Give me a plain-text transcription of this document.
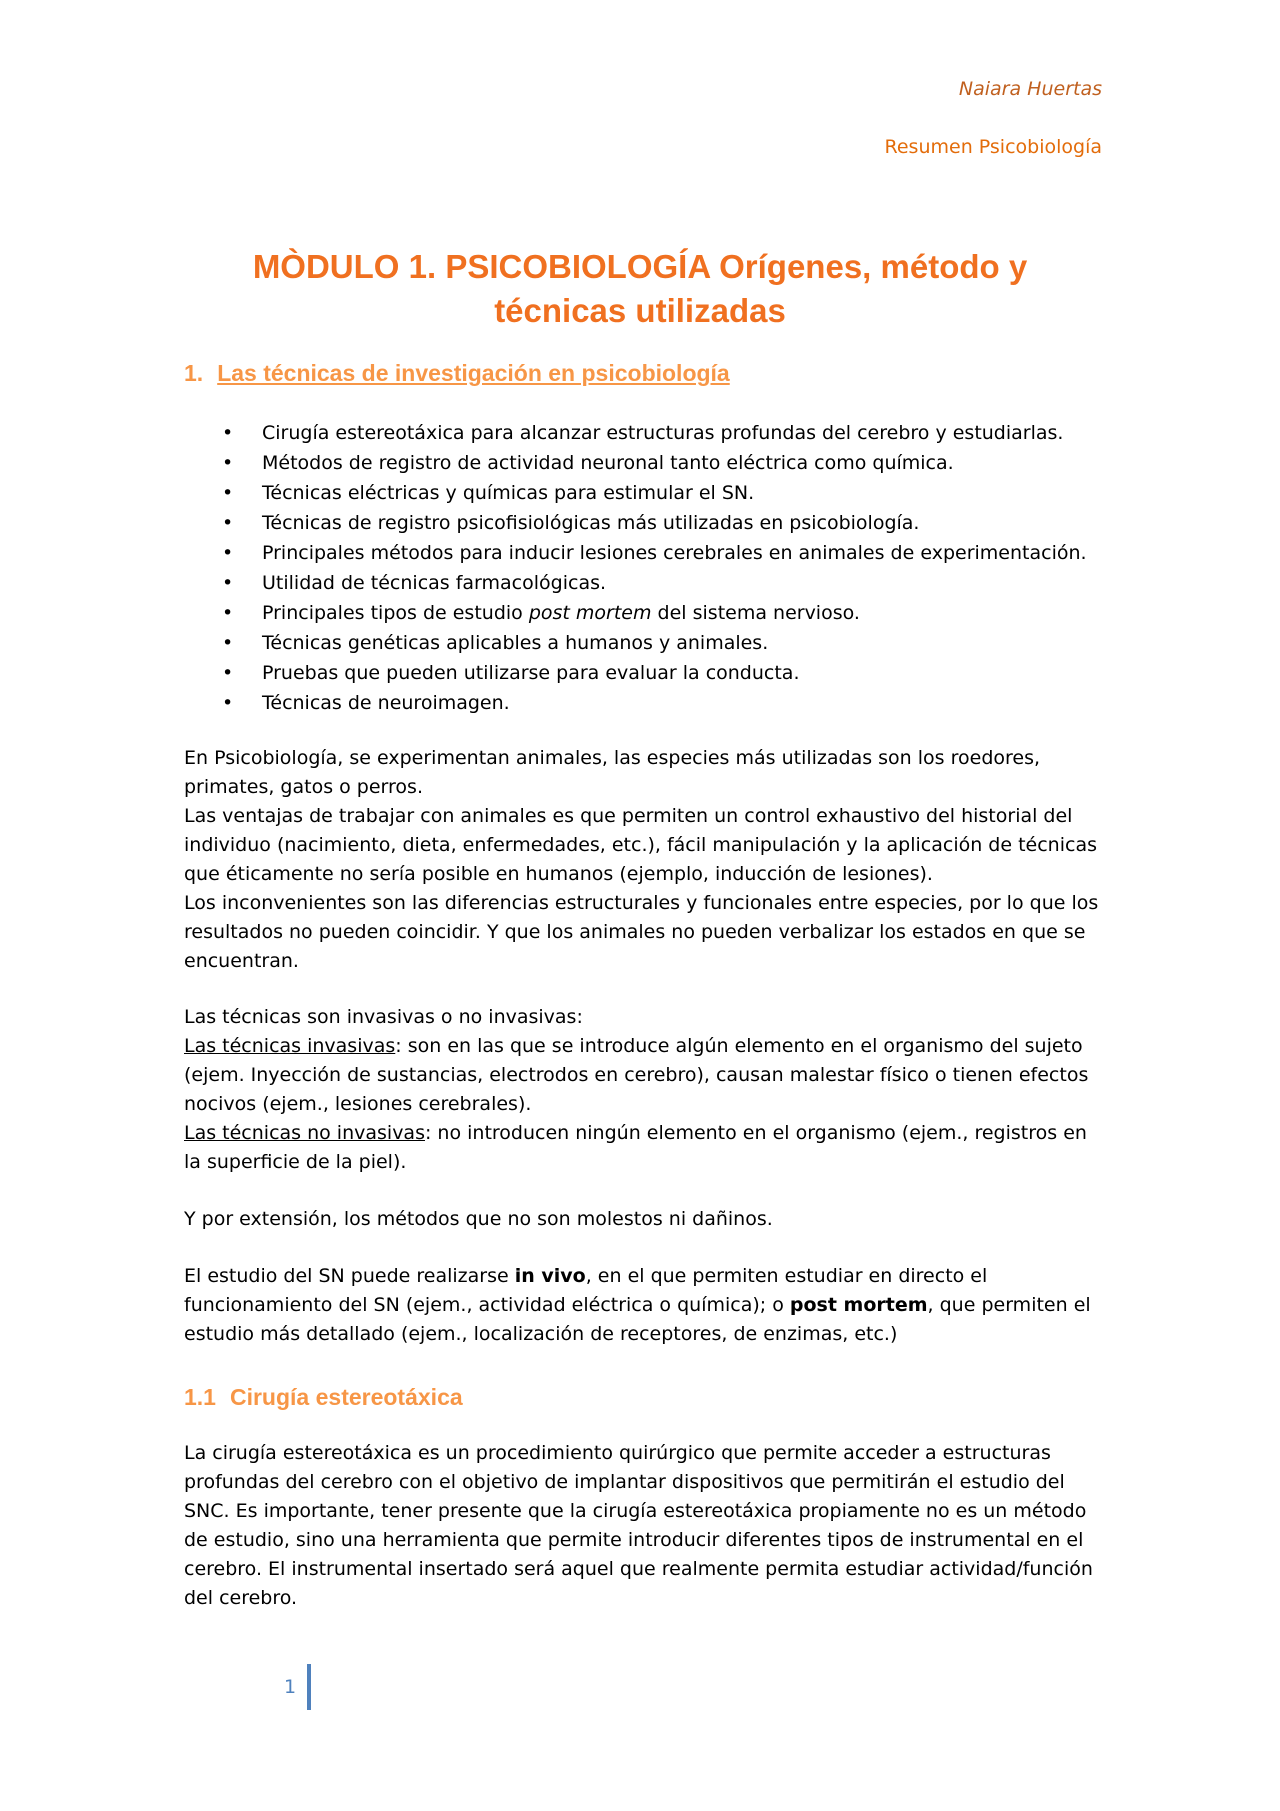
Naiara Huertas
Resumen Psicobiología
MÒDULO 1. PSICOBIOLOGÍA Orígenes, método y técnicas utilizadas
1. Las técnicas de investigación en psicobiología
• Cirugía estereotáxica para alcanzar estructuras profundas del cerebro y estudiarlas.
• Métodos de registro de actividad neuronal tanto eléctrica como química.
• Técnicas eléctricas y químicas para estimular el SN.
• Técnicas de registro psicofisiológicas más utilizadas en psicobiología.
• Principales métodos para inducir lesiones cerebrales en animales de experimentación.
• Utilidad de técnicas farmacológicas.
• Principales tipos de estudio post mortem del sistema nervioso.
• Técnicas genéticas aplicables a humanos y animales.
• Pruebas que pueden utilizarse para evaluar la conducta.
• Técnicas de neuroimagen.
En Psicobiología, se experimentan animales, las especies más utilizadas son los roedores, primates, gatos o perros.
Las ventajas de trabajar con animales es que permiten un control exhaustivo del historial del individuo (nacimiento, dieta, enfermedades, etc.), fácil manipulación y la aplicación de técnicas que éticamente no sería posible en humanos (ejemplo, inducción de lesiones).
Los inconvenientes son las diferencias estructurales y funcionales entre especies, por lo que los resultados no pueden coincidir. Y que los animales no pueden verbalizar los estados en que se encuentran.
Las técnicas son invasivas o no invasivas:
Las técnicas invasivas: son en las que se introduce algún elemento en el organismo del sujeto (ejem. Inyección de sustancias, electrodos en cerebro), causan malestar físico o tienen efectos nocivos (ejem., lesiones cerebrales).
Las técnicas no invasivas: no introducen ningún elemento en el organismo (ejem., registros en la superficie de la piel).
Y por extensión, los métodos que no son molestos ni dañinos.
El estudio del SN puede realizarse in vivo, en el que permiten estudiar en directo el funcionamiento del SN (ejem., actividad eléctrica o química); o post mortem, que permiten el estudio más detallado (ejem., localización de receptores, de enzimas, etc.)
1.1 Cirugía estereotáxica
La cirugía estereotáxica es un procedimiento quirúrgico que permite acceder a estructuras profundas del cerebro con el objetivo de implantar dispositivos que permitirán el estudio del SNC. Es importante, tener presente que la cirugía estereotáxica propiamente no es un método de estudio, sino una herramienta que permite introducir diferentes tipos de instrumental en el cerebro. El instrumental insertado será aquel que realmente permita estudiar actividad/función del cerebro.
1
